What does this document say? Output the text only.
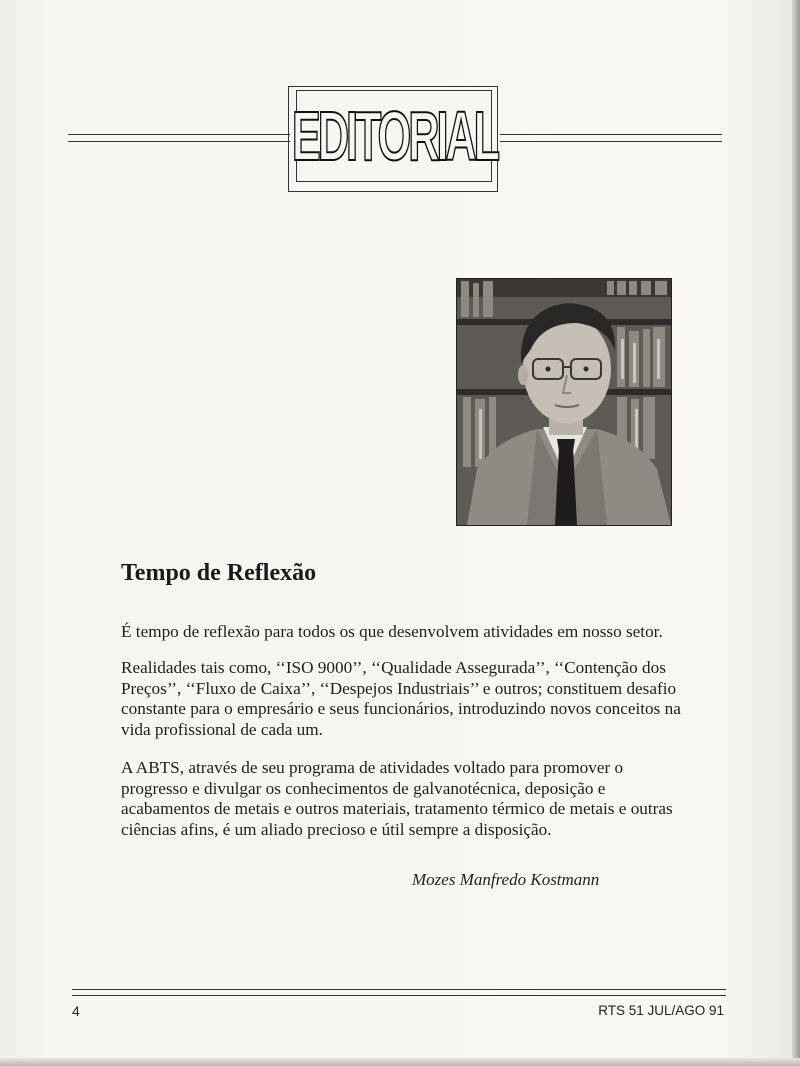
EDITORIAL
Tempo de Reflexão
É tempo de reflexão para todos os que desenvolvem atividades em nosso setor.
Realidades tais como, ‘‘ISO 9000’’, ‘‘Qualidade Assegurada’’, ‘‘Contenção dos Preços’’, ‘‘Fluxo de Caixa’’, ‘‘Despejos Industriais’’ e outros; constituem desafio constante para o empresário e seus funcionários, introduzindo novos conceitos na vida profissional de cada um.
A ABTS, através de seu programa de atividades voltado para promover o progresso e divulgar os conhecimentos de galvanotécnica, deposição e acabamentos de metais e outros materiais, tratamento térmico de metais e outras ciências afins, é um aliado precioso e útil sempre a disposição.
Mozes Manfredo Kostmann
4	RTS 51 JUL/AGO 91
